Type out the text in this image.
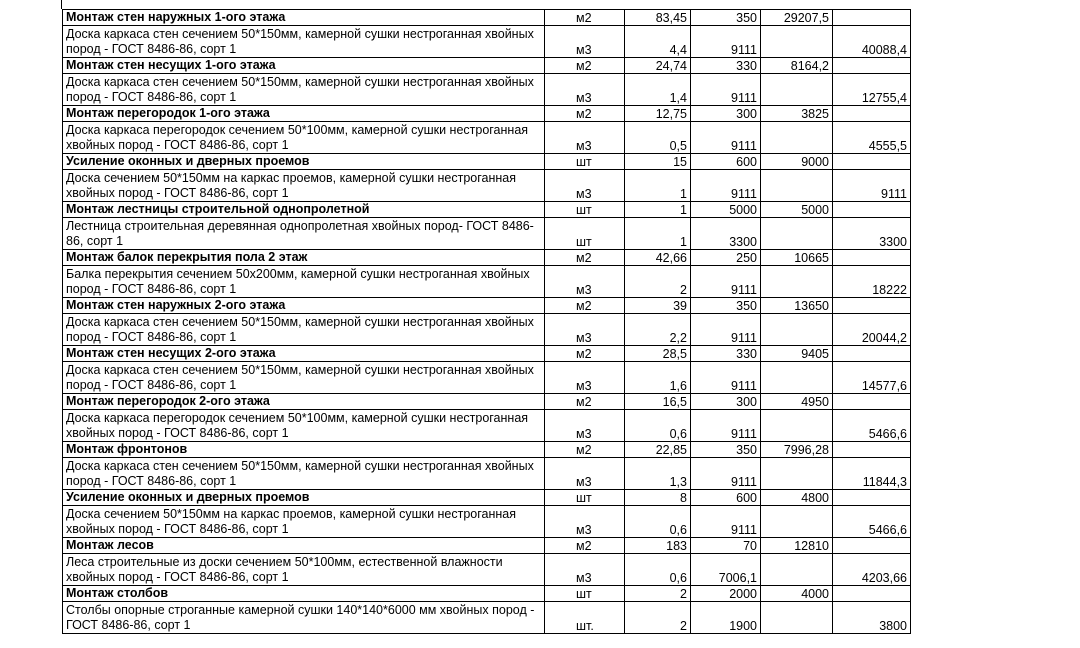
Монтаж стен наружных 1-ого этажа	м2	83,45	350	29207,5	
Доска каркаса стен сечением 50*150мм, камерной сушки нестроганная хвойных пород - ГОСТ 8486-86, сорт 1	м3	4,4	9111		40088,4
Монтаж стен несущих 1-ого этажа	м2	24,74	330	8164,2	
Доска каркаса стен сечением 50*150мм, камерной сушки нестроганная хвойных пород - ГОСТ 8486-86, сорт 1	м3	1,4	9111		12755,4
Монтаж перегородок 1-ого этажа	м2	12,75	300	3825	
Доска каркаса перегородок сечением 50*100мм, камерной сушки нестроганная хвойных пород - ГОСТ 8486-86, сорт 1	м3	0,5	9111		4555,5
Усиление оконных и дверных проемов	шт	15	600	9000	
Доска сечением 50*150мм на каркас проемов, камерной сушки нестроганная хвойных пород - ГОСТ 8486-86, сорт 1	м3	1	9111		9111
Монтаж лестницы строительной однопролетной	шт	1	5000	5000	
Лестница строительная деревянная однопролетная хвойных пород- ГОСТ 8486-86, сорт 1	шт	1	3300		3300
Монтаж балок перекрытия пола 2 этаж	м2	42,66	250	10665	
Балка перекрытия сечением 50х200мм, камерной сушки нестроганная хвойных пород - ГОСТ 8486-86, сорт 1	м3	2	9111		18222
Монтаж стен наружных 2-ого этажа	м2	39	350	13650	
Доска каркаса стен сечением 50*150мм, камерной сушки нестроганная хвойных пород - ГОСТ 8486-86, сорт 1	м3	2,2	9111		20044,2
Монтаж стен несущих 2-ого этажа	м2	28,5	330	9405	
Доска каркаса стен сечением 50*150мм, камерной сушки нестроганная хвойных пород - ГОСТ 8486-86, сорт 1	м3	1,6	9111		14577,6
Монтаж перегородок 2-ого этажа	м2	16,5	300	4950	
Доска каркаса перегородок сечением 50*100мм, камерной сушки нестроганная хвойных пород - ГОСТ 8486-86, сорт 1	м3	0,6	9111		5466,6
Монтаж фронтонов	м2	22,85	350	7996,28	
Доска каркаса стен сечением 50*150мм, камерной сушки нестроганная хвойных пород - ГОСТ 8486-86, сорт 1	м3	1,3	9111		11844,3
Усиление оконных и дверных проемов	шт	8	600	4800	
Доска сечением 50*150мм на каркас проемов, камерной сушки нестроганная хвойных пород - ГОСТ 8486-86, сорт 1	м3	0,6	9111		5466,6
Монтаж лесов	м2	183	70	12810	
Леса строительные из доски сечением 50*100мм, естественной влажности хвойных пород - ГОСТ 8486-86, сорт 1	м3	0,6	7006,1		4203,66
Монтаж столбов	шт	2	2000	4000	
Столбы опорные строганные камерной сушки 140*140*6000 мм хвойных пород - ГОСТ 8486-86, сорт 1	шт.	2	1900		3800
